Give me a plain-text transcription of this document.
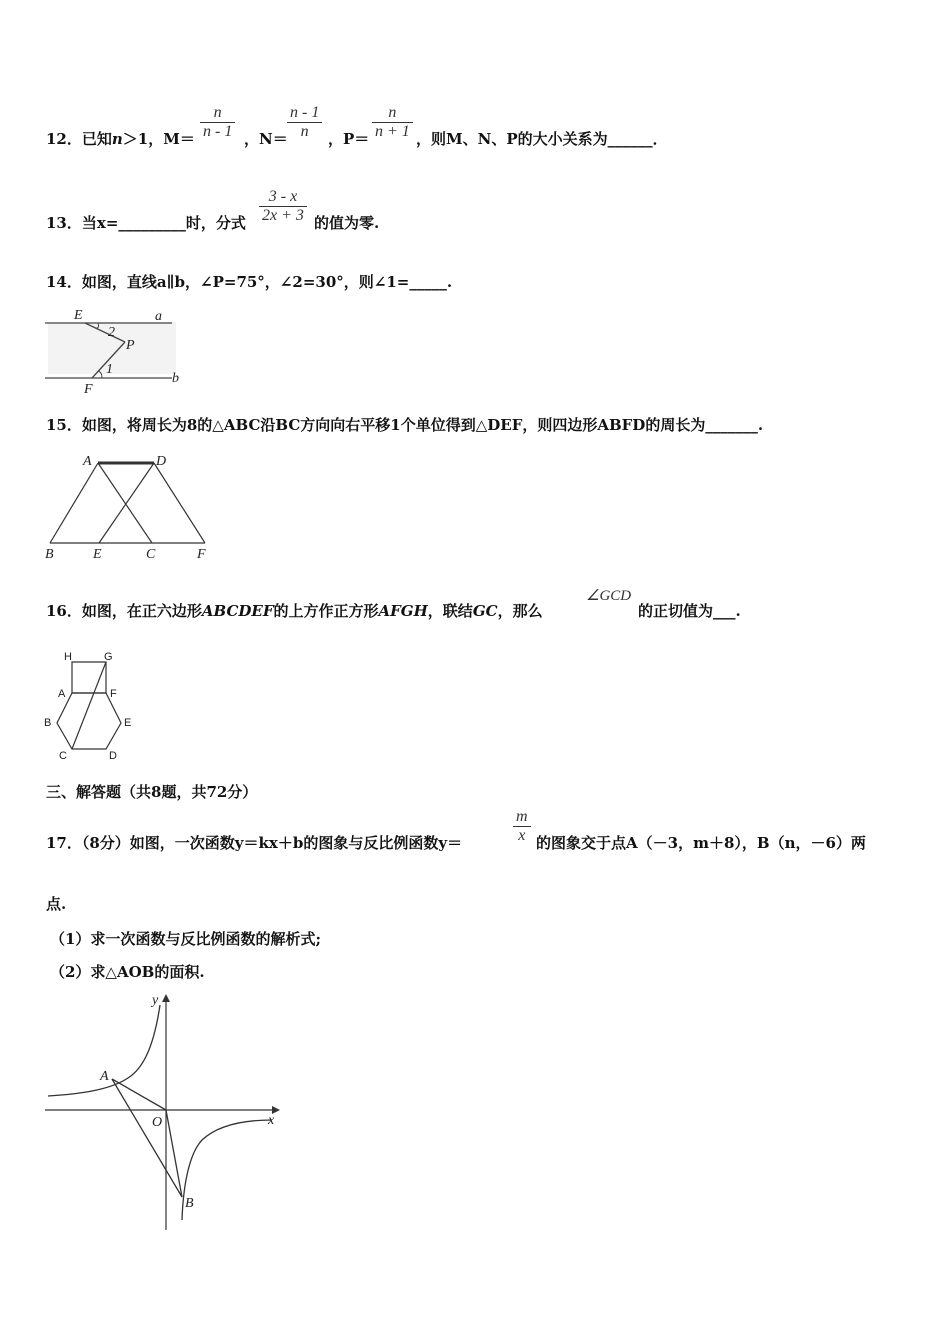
12．已知n＞1，$M= \frac{n}{n - 1}$ ，$N= \frac{n - 1}{n}$ ，$P= \frac{n}{n + 1}$ ，则M、N、P的大小关系为______．
13．当x=_________时，分式 $\frac{3 - x}{2x + 3}$ 的值为零.
14．如图，直线a∥b，∠P=75°，∠2=30°，则∠1=_____.
E	a
2
P
1
F
b
15．如图，将周长为8的△ABC沿BC方向向右平移1个单位得到△DEF，则四边形ABFD的周长为_______.
A	D
B	E	C	F
16．如图，在正六边形ABCDEF的上方作正方形AFGH，联结GC，那么
∠GCD
的正切值为___.
H	G
A	F
B	E
C	D
三、解答题（共8题，共72分）
17．（8分）如图，一次函数y＝kx＋b的图象与反比例函数y＝	$\frac{m}{x}$ 的图象交于点A（－3，m＋8），B（n，－6）两
点.
（1）求一次函数与反比例函数的解析式;
（2）求△AOB的面积.
y
x
A
O
B
